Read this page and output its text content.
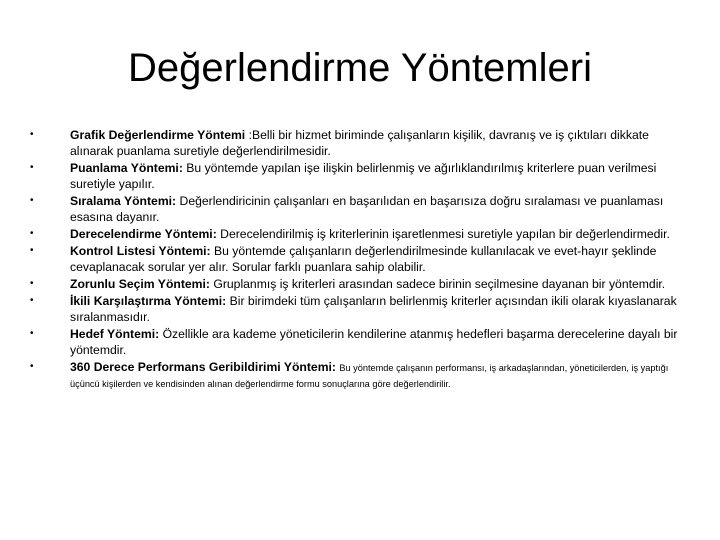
Değerlendirme Yöntemleri
•	Grafik Değerlendirme Yöntemi :Belli bir hizmet biriminde çalışanların kişilik, davranış ve iş çıktıları dikkate alınarak puanlama suretiyle değerlendirilmesidir.
•	Puanlama Yöntemi: Bu yöntemde yapılan işe ilişkin belirlenmiş ve ağırlıklandırılmış kriterlere puan verilmesi suretiyle yapılır.
•	Sıralama Yöntemi: Değerlendiricinin çalışanları en başarılıdan en başarısıza doğru sıralaması ve puanlaması esasına dayanır.
•	Derecelendirme Yöntemi: Derecelendirilmiş iş kriterlerinin işaretlenmesi suretiyle yapılan bir değerlendirmedir.
•	Kontrol Listesi Yöntemi: Bu yöntemde çalışanların değerlendirilmesinde kullanılacak ve evet-hayır şeklinde cevaplanacak sorular yer alır. Sorular farklı puanlara sahip olabilir.
•	Zorunlu Seçim Yöntemi: Gruplanmış iş kriterleri arasından sadece birinin seçilmesine dayanan bir yöntemdir.
•	İkili Karşılaştırma Yöntemi: Bir birimdeki tüm çalışanların belirlenmiş kriterler açısından ikili olarak kıyaslanarak sıralanmasıdır.
•	Hedef Yöntemi: Özellikle ara kademe yöneticilerin kendilerine atanmış hedefleri başarma derecelerine dayalı bir yöntemdir.
•	360 Derece Performans Geribildirimi Yöntemi: Bu yöntemde çalışanın performansı, iş arkadaşlarından, yöneticilerden, iş yaptığı üçüncü kişilerden ve kendisinden alınan değerlendirme formu sonuçlarına göre değerlendirilir.
